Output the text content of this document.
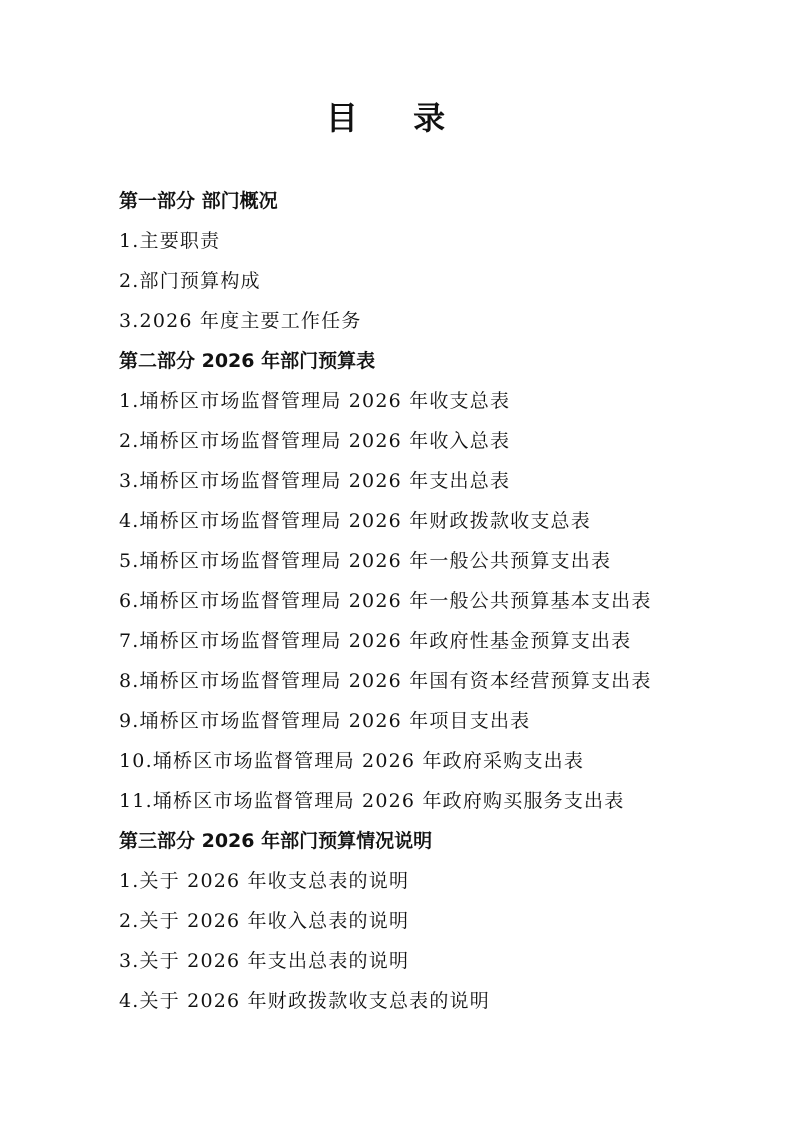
目 录
第一部分 部门概况
1.主要职责
2.部门预算构成
3.2026 年度主要工作任务
第二部分 2026 年部门预算表
1.埇桥区市场监督管理局 2026 年收支总表
2.埇桥区市场监督管理局 2026 年收入总表
3.埇桥区市场监督管理局 2026 年支出总表
4.埇桥区市场监督管理局 2026 年财政拨款收支总表
5.埇桥区市场监督管理局 2026 年一般公共预算支出表
6.埇桥区市场监督管理局 2026 年一般公共预算基本支出表
7.埇桥区市场监督管理局 2026 年政府性基金预算支出表
8.埇桥区市场监督管理局 2026 年国有资本经营预算支出表
9.埇桥区市场监督管理局 2026 年项目支出表
10.埇桥区市场监督管理局 2026 年政府采购支出表
11.埇桥区市场监督管理局 2026 年政府购买服务支出表
第三部分 2026 年部门预算情况说明
1.关于 2026 年收支总表的说明
2.关于 2026 年收入总表的说明
3.关于 2026 年支出总表的说明
4.关于 2026 年财政拨款收支总表的说明
